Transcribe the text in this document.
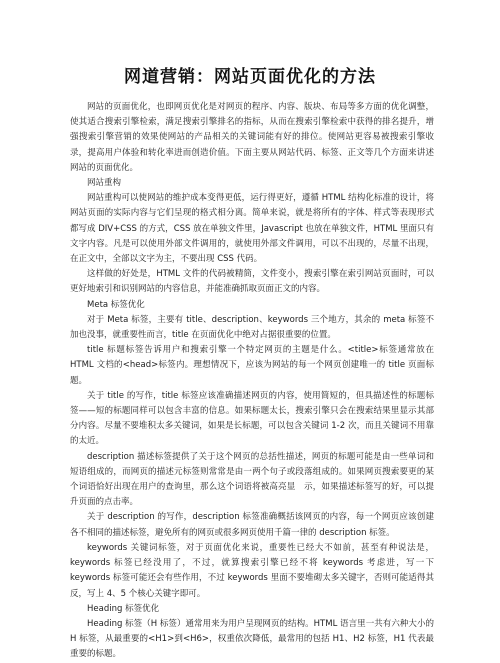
网道营销：网站页面优化的方法

网站的页面优化，也即网页优化是对网页的程序、内容、版块、布局等多方面的优化调整，使其适合搜索引擎检索，满足搜索引擎排名的指标，从而在搜索引擎检索中获得的排名提升，增强搜索引擎营销的效果使网站的产品相关的关键词能有好的排位。使网站更容易被搜索引擎收录，提高用户体验和转化率进而创造价值。下面主要从网站代码、标签、正文等几个方面来讲述网站的页面优化。

网站重构

网站重构可以使网站的维护成本变得更低，运行得更好，遵循 HTML 结构化标准的设计，将网站页面的实际内容与它们呈现的格式相分离。简单来说，就是将所有的字体、样式等表现形式都写成 DIV+CSS 的方式，CSS 放在单独文件里，Javascript 也放在单独文件，HTML 里面只有文字内容。凡是可以使用外部文件调用的，就使用外部文件调用，可以不出现的，尽量不出现，在正文中，全部以文字为主，不要出现 CSS 代码。

这样做的好处是，HTML 文件的代码被精简，文件变小，搜索引擎在索引网站页面时，可以更好地索引和识别网站的内容信息，并能准确抓取页面正文的内容。

Meta 标签优化

对于 Meta 标签，主要有 title、description、keywords 三个地方，其余的 meta 标签不加也没事，就重要性而言，title 在页面优化中绝对占据很重要的位置。

title 标题标签告诉用户和搜索引擎一个特定网页的主题是什么。<title>标签通常放在 HTML 文档的<head>标签内。理想情况下，应该为网站的每一个网页创建唯一的 title 页面标题。

关于 title 的写作，title 标签应该准确描述网页的内容，使用简短的，但具描述性的标题标签——短的标题同样可以包含丰富的信息。如果标题太长，搜索引擎只会在搜索结果里显示其部分内容。尽量不要堆积太多关键词，如果是长标题，可以包含关键词 1-2 次，而且关键词不用靠的太近。

description 描述标签提供了关于这个网页的总括性描述，网页的标题可能是由一些单词和短语组成的，而网页的描述元标签则常常是由一两个句子或段落组成的。如果网页搜索要更的某个词语恰好出现在用户的查询里，那么这个词语将被高亮显　示，如果描述标签写的好，可以提升页面的点击率。

关于 description 的写作，description 标签准确概括该网页的内容，每一个网页应该创建各不相同的描述标签，避免所有的网页或很多网页使用千篇一律的 description 标签。

keywords 关键词标签，对于页面优化来说，重要性已经大不如前，甚至有种说法是，keywords 标签已经没用了，不过，就算搜索引擎已经不将 keywords 考虑进，写一下 keywords 标签可能还会有些作用，不过 keywords 里面不要堆砌太多关键字，否则可能适得其反，写上 4、5 个核心关键字即可。

Heading 标签优化

Heading 标签（H 标签）通常用来为用户呈现网页的结构。HTML 语言里一共有六种大小的 H 标签，从最重要的<H1>到<H6>，权重依次降低，最常用的包括 H1、H2 标签，H1 代表最重要的标题。
